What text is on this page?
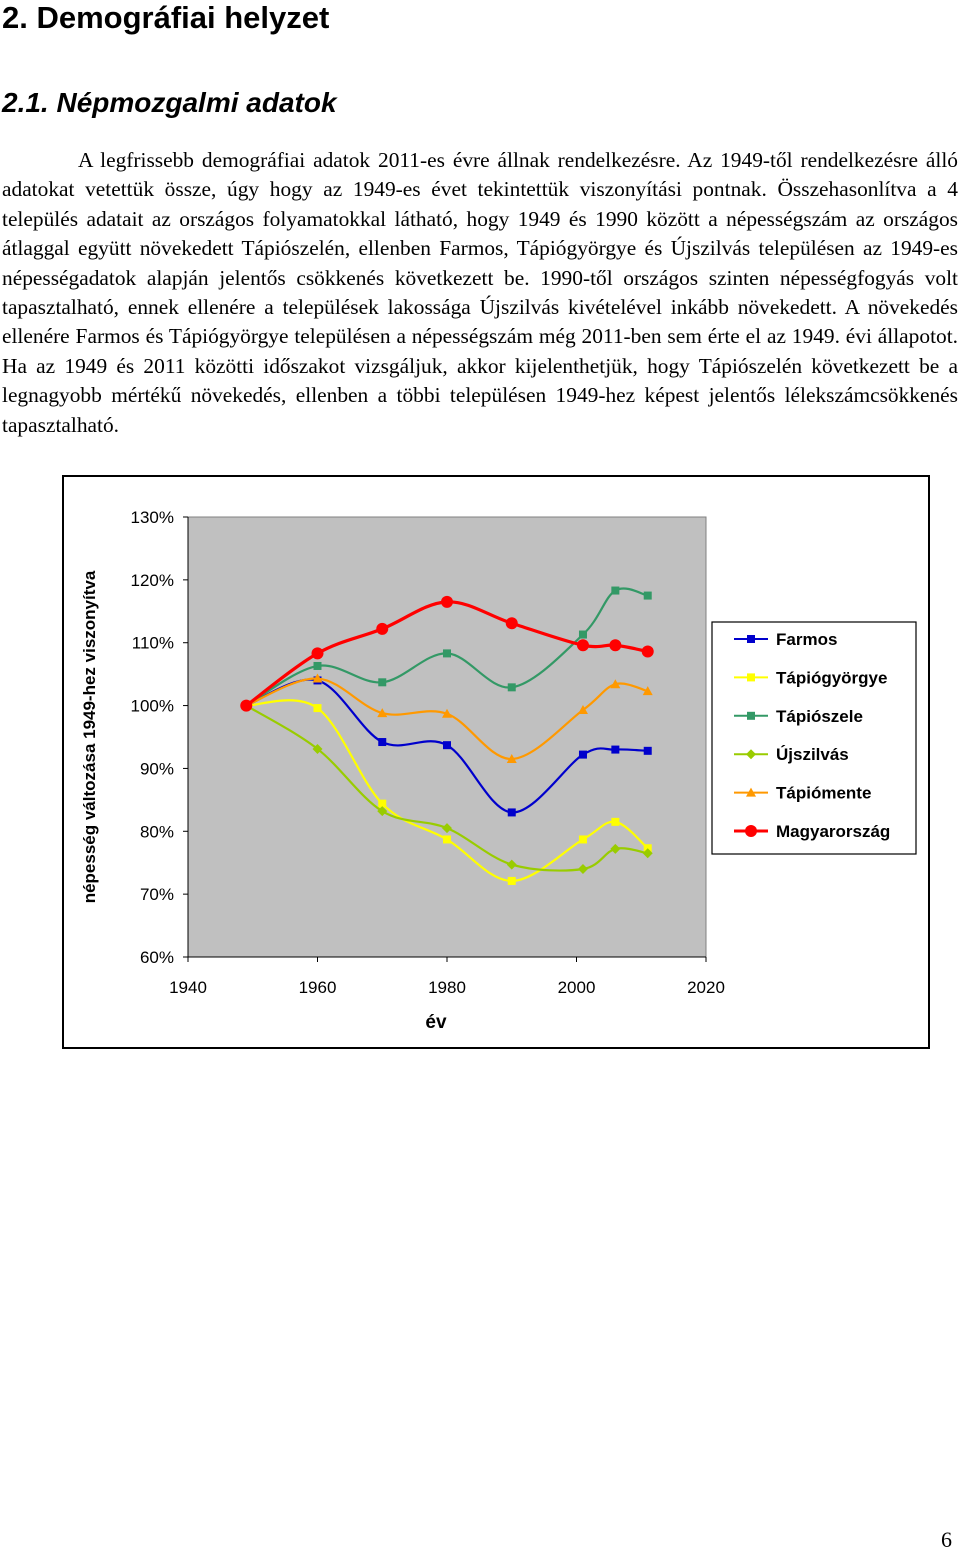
2. Demográfiai helyzet
2.1. Népmozgalmi adatok

A legfrissebb demográfiai adatok 2011-es évre állnak rendelkezésre. Az 1949-től rendelkezésre álló adatokat vetettük össze, úgy hogy az 1949-es évet tekintettük viszonyítási pontnak. Összehasonlítva a 4 település adatait az országos folyamatokkal látható, hogy 1949 és 1990 között a népességszám az országos átlaggal együtt növekedett Tápiószelén, ellenben Farmos, Tápiógyörgye és Újszilvás településen az 1949-es népességadatok alapján jelentős csökkenés következett be. 1990-től országos szinten népességfogyás volt tapasztalható, ennek ellenére a települések lakossága Újszilvás kivételével inkább növekedett. A növekedés ellenére Farmos és Tápiógyörgye településen a népességszám még 2011-ben sem érte el az 1949. évi állapotot. Ha az 1949 és 2011 közötti időszakot vizsgáljuk, akkor kijelenthetjük, hogy Tápiószelén következett be a legnagyobb mértékű növekedés, ellenben a többi településen 1949-hez képest jelentős lélekszámcsökkenés tapasztalható.

népesség változása 1949-hez viszonyítva
év
60%
70%
80%
90%
100%
110%
120%
130%
1940	1960	1980	2000	2020
Farmos
Tápiógyörgye
Tápiószele
Újszilvás
Tápiómente
Magyarország
6
